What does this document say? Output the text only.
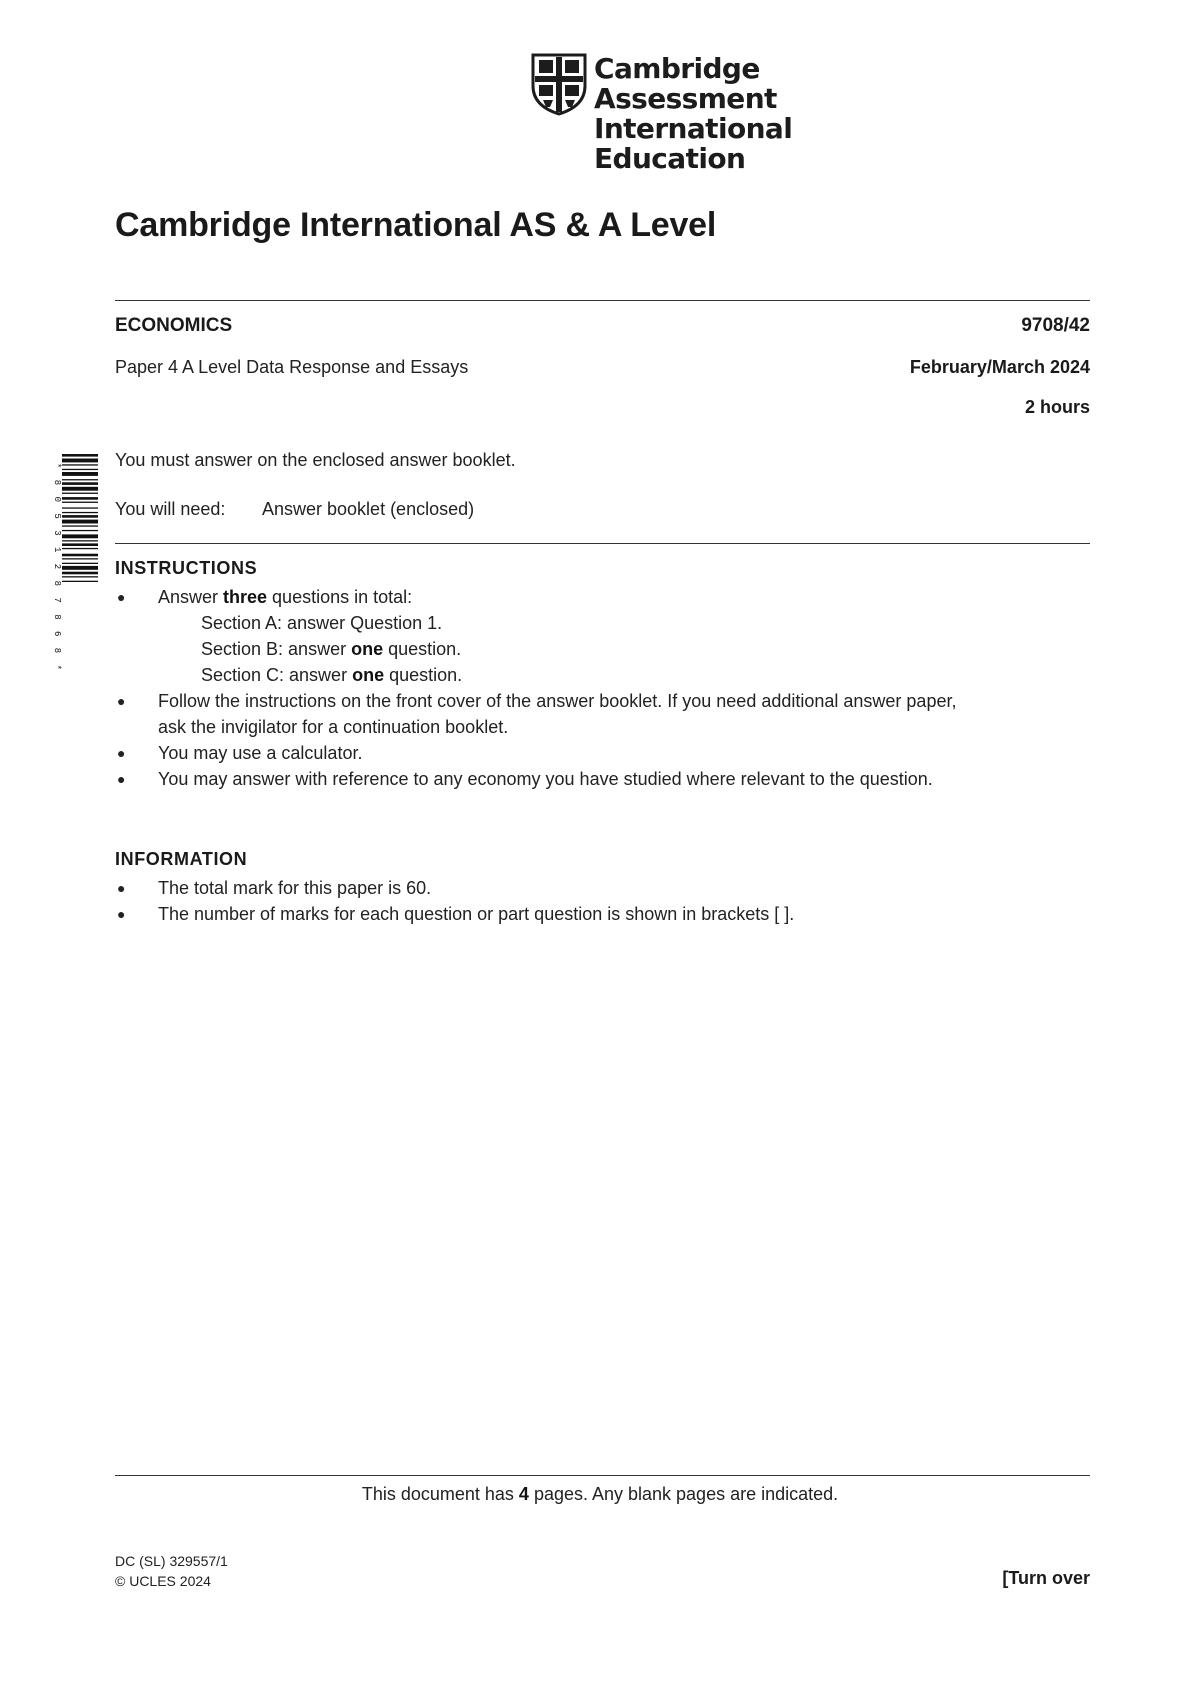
Cambridge Assessment
International Education
Cambridge International AS & A Level
ECONOMICS	9708/42
Paper 4 A Level Data Response and Essays	February/March 2024
2 hours
* 8 0 5 3 1 2 8 7 8 6 8 *
You must answer on the enclosed answer booklet.
You will need: Answer booklet (enclosed)
INSTRUCTIONS
● Answer three questions in total:
Section A: answer Question 1.
Section B: answer one question.
Section C: answer one question.
● Follow the instructions on the front cover of the answer booklet. If you need additional answer paper,
ask the invigilator for a continuation booklet.
● You may use a calculator.
● You may answer with reference to any economy you have studied where relevant to the question.
INFORMATION
● The total mark for this paper is 60.
● The number of marks for each question or part question is shown in brackets [ ].
This document has 4 pages. Any blank pages are indicated.
DC (SL) 329557/1
© UCLES 2024	[Turn over
